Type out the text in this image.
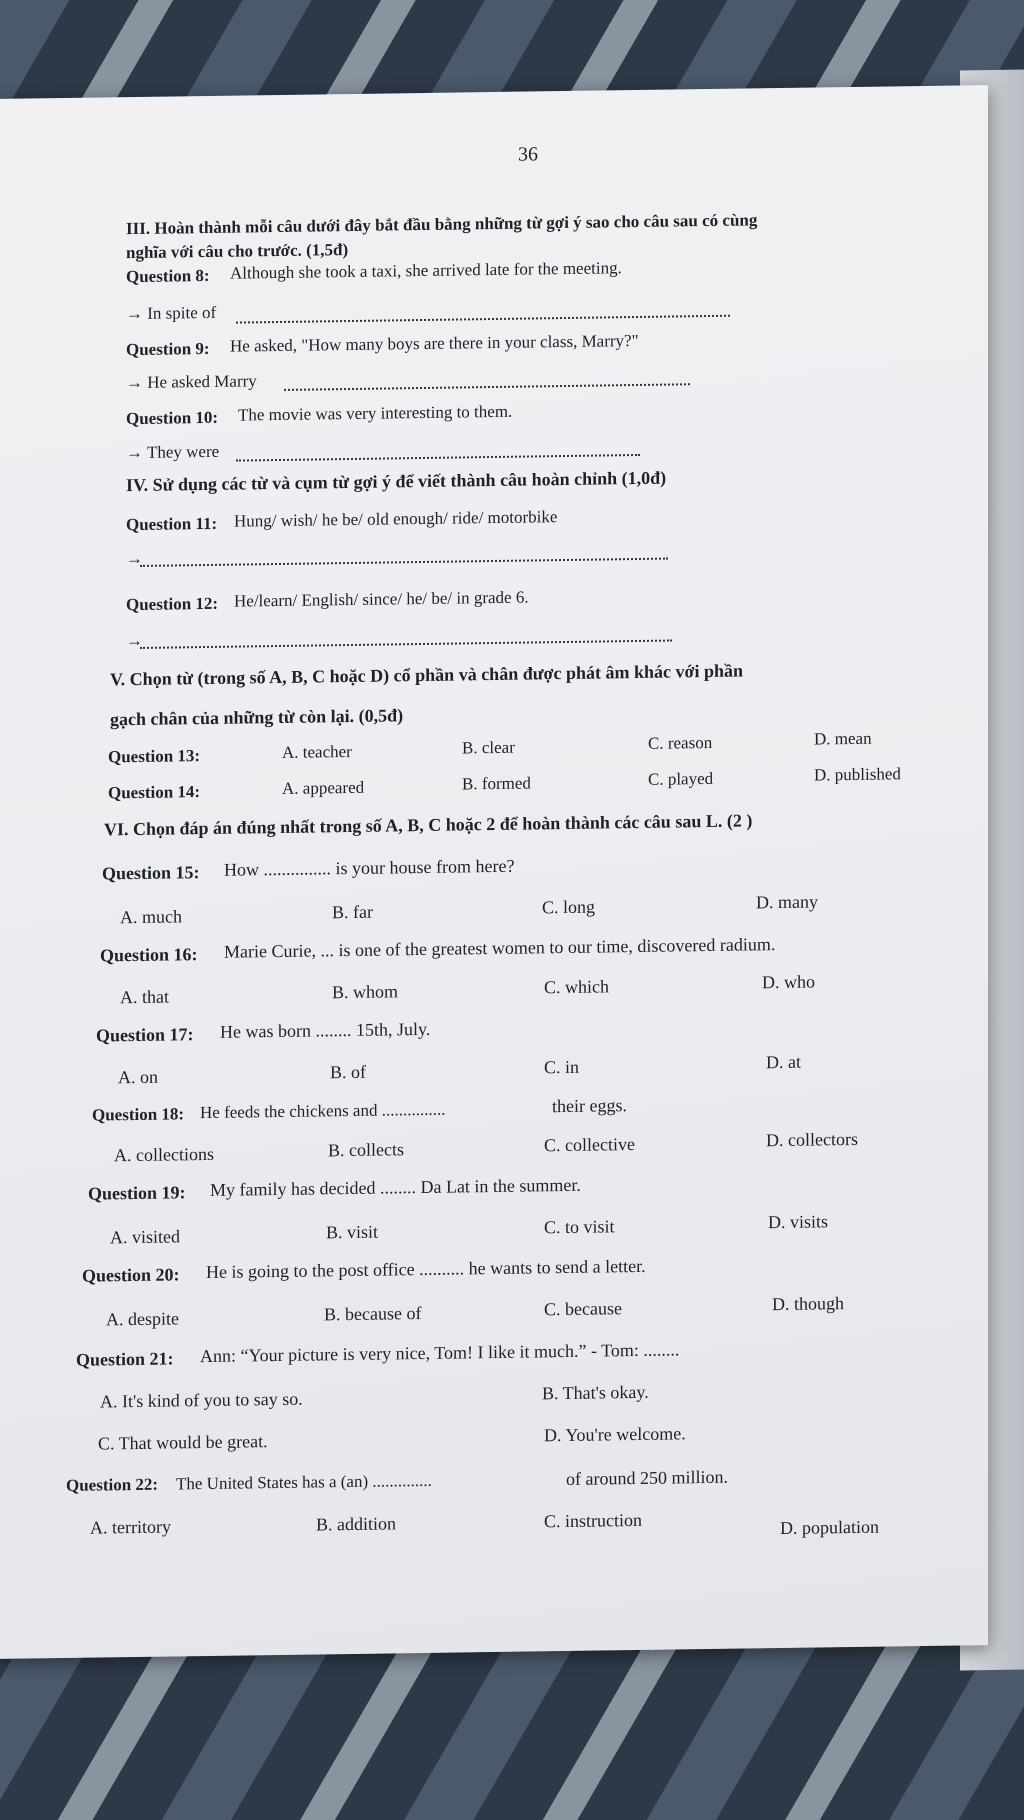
36
III. Hoàn thành mỗi câu dưới đây bắt đầu bằng những từ gợi ý sao cho câu sau có cùng
nghĩa với câu cho trước. (1,5đ)
Question 8: Although she took a taxi, she arrived late for the meeting.
→ In spite of
Question 9: He asked, "How many boys are there in your class, Marry?"
→ He asked Marry
Question 10: The movie was very interesting to them.
→ They were
IV. Sử dụng các từ và cụm từ gợi ý để viết thành câu hoàn chỉnh (1,0đ)
Question 11: Hung/ wish/ he be/ old enough/ ride/ motorbike
→
Question 12: He/learn/ English/ since/ he/ be/ in grade 6.
→
V. Chọn từ (trong số A, B, C hoặc D) cổ phần và chân được phát âm khác với phần
gạch chân của những từ còn lại. (0,5đ)
Question 13:	A. teacher	B. clear	C. reason	D. mean
Question 14:	A. appeared	B. formed	C. played	D. published
VI. Chọn đáp án đúng nhất trong số A, B, C hoặc 2 để hoàn thành các câu sau L. (2 )
Question 15: How ............... is your house from here?
A. much	B. far	C. long	D. many
Question 16: Marie Curie, ... is one of the greatest women to our time, discovered radium.
A. that	B. whom	C. which	D. who
Question 17: He was born ........ 15th, July.
A. on	B. of	C. in	D. at
Question 18: He feeds the chickens and ...............	their eggs.
A. collections	B. collects	C. collective	D. collectors
Question 19: My family has decided ........ Da Lat in the summer.
A. visited	B. visit	C. to visit	D. visits
Question 20: He is going to the post office .......... he wants to send a letter.
A. despite	B. because of	C. because	D. though
Question 21: Ann: “Your picture is very nice, Tom! I like it much.” - Tom: ........
A. It's kind of you to say so.	B. That's okay.
C. That would be great.	D. You're welcome.
Question 22: The United States has a (an) ..............	of around 250 million.
A. territory	B. addition	C. instruction	D. population
